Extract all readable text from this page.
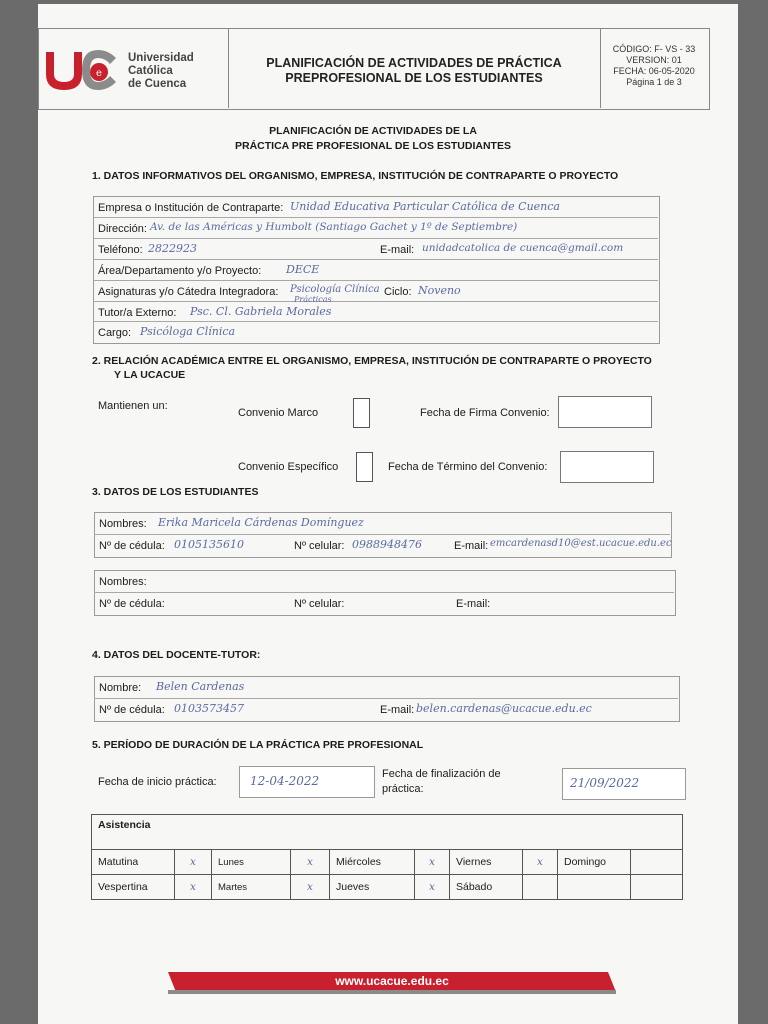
e
Universidad
Católica
de Cuenca
PLANIFICACIÓN DE ACTIVIDADES DE PRÁCTICA
PREPROFESIONAL DE LOS ESTUDIANTES
CÓDIGO: F- VS - 33
VERSION: 01
FECHA: 06-05-2020
Página 1 de 3
PLANIFICACIÓN DE ACTIVIDADES DE LA
PRÁCTICA PRE PROFESIONAL DE LOS ESTUDIANTES
1. DATOS INFORMATIVOS DEL ORGANISMO, EMPRESA, INSTITUCIÓN DE CONTRAPARTE O PROYECTO
Empresa o Institución de Contraparte: Unidad Educativa Particular Católica de Cuenca
Dirección: Av. de las Américas y Humbolt (Santiago Gachet y 1º de Septiembre)
Teléfono: 2822923	E-mail: unidadcatolica de cuenca@gmail.com
Área/Departamento y/o Proyecto: DECE
Asignaturas y/o Cátedra Integradora: Psicología Clínica
Prácticas
Ciclo: Noveno
Tutor/a Externo: Psc. Cl. Gabriela Morales
Cargo: Psicóloga Clínica
2. RELACIÓN ACADÉMICA ENTRE EL ORGANISMO, EMPRESA, INSTITUCIÓN DE CONTRAPARTE O PROYECTO
Y LA UCACUE
Mantienen un:
Convenio Marco	Fecha de Firma Convenio:
Convenio Específico	Fecha de Término del Convenio:
3. DATOS DE LOS ESTUDIANTES
Nombres: Erika Maricela Cárdenas Domínguez
Nº de cédula: 0105135610	Nº celular: 0988948476	E-mail: emcardenasd10@est.ucacue.edu.ec
Nombres:
Nº de cédula:	Nº celular:	E-mail:
4. DATOS DEL DOCENTE-TUTOR:
Nombre: Belen Cardenas
Nº de cédula: 0103573457	E-mail: belen.cardenas@ucacue.edu.ec
5. PERÍODO DE DURACIÓN DE LA PRÁCTICA PRE PROFESIONAL
Fecha de inicio práctica:	12-04-2022	Fecha de finalización de
práctica:	21/09/2022
Asistencia									
Matutina	x	Lunes	x	Miércoles	x	Viernes	x	Domingo	
Vespertina	x	Martes	x	Jueves	x	Sábado			
www.ucacue.edu.ec
